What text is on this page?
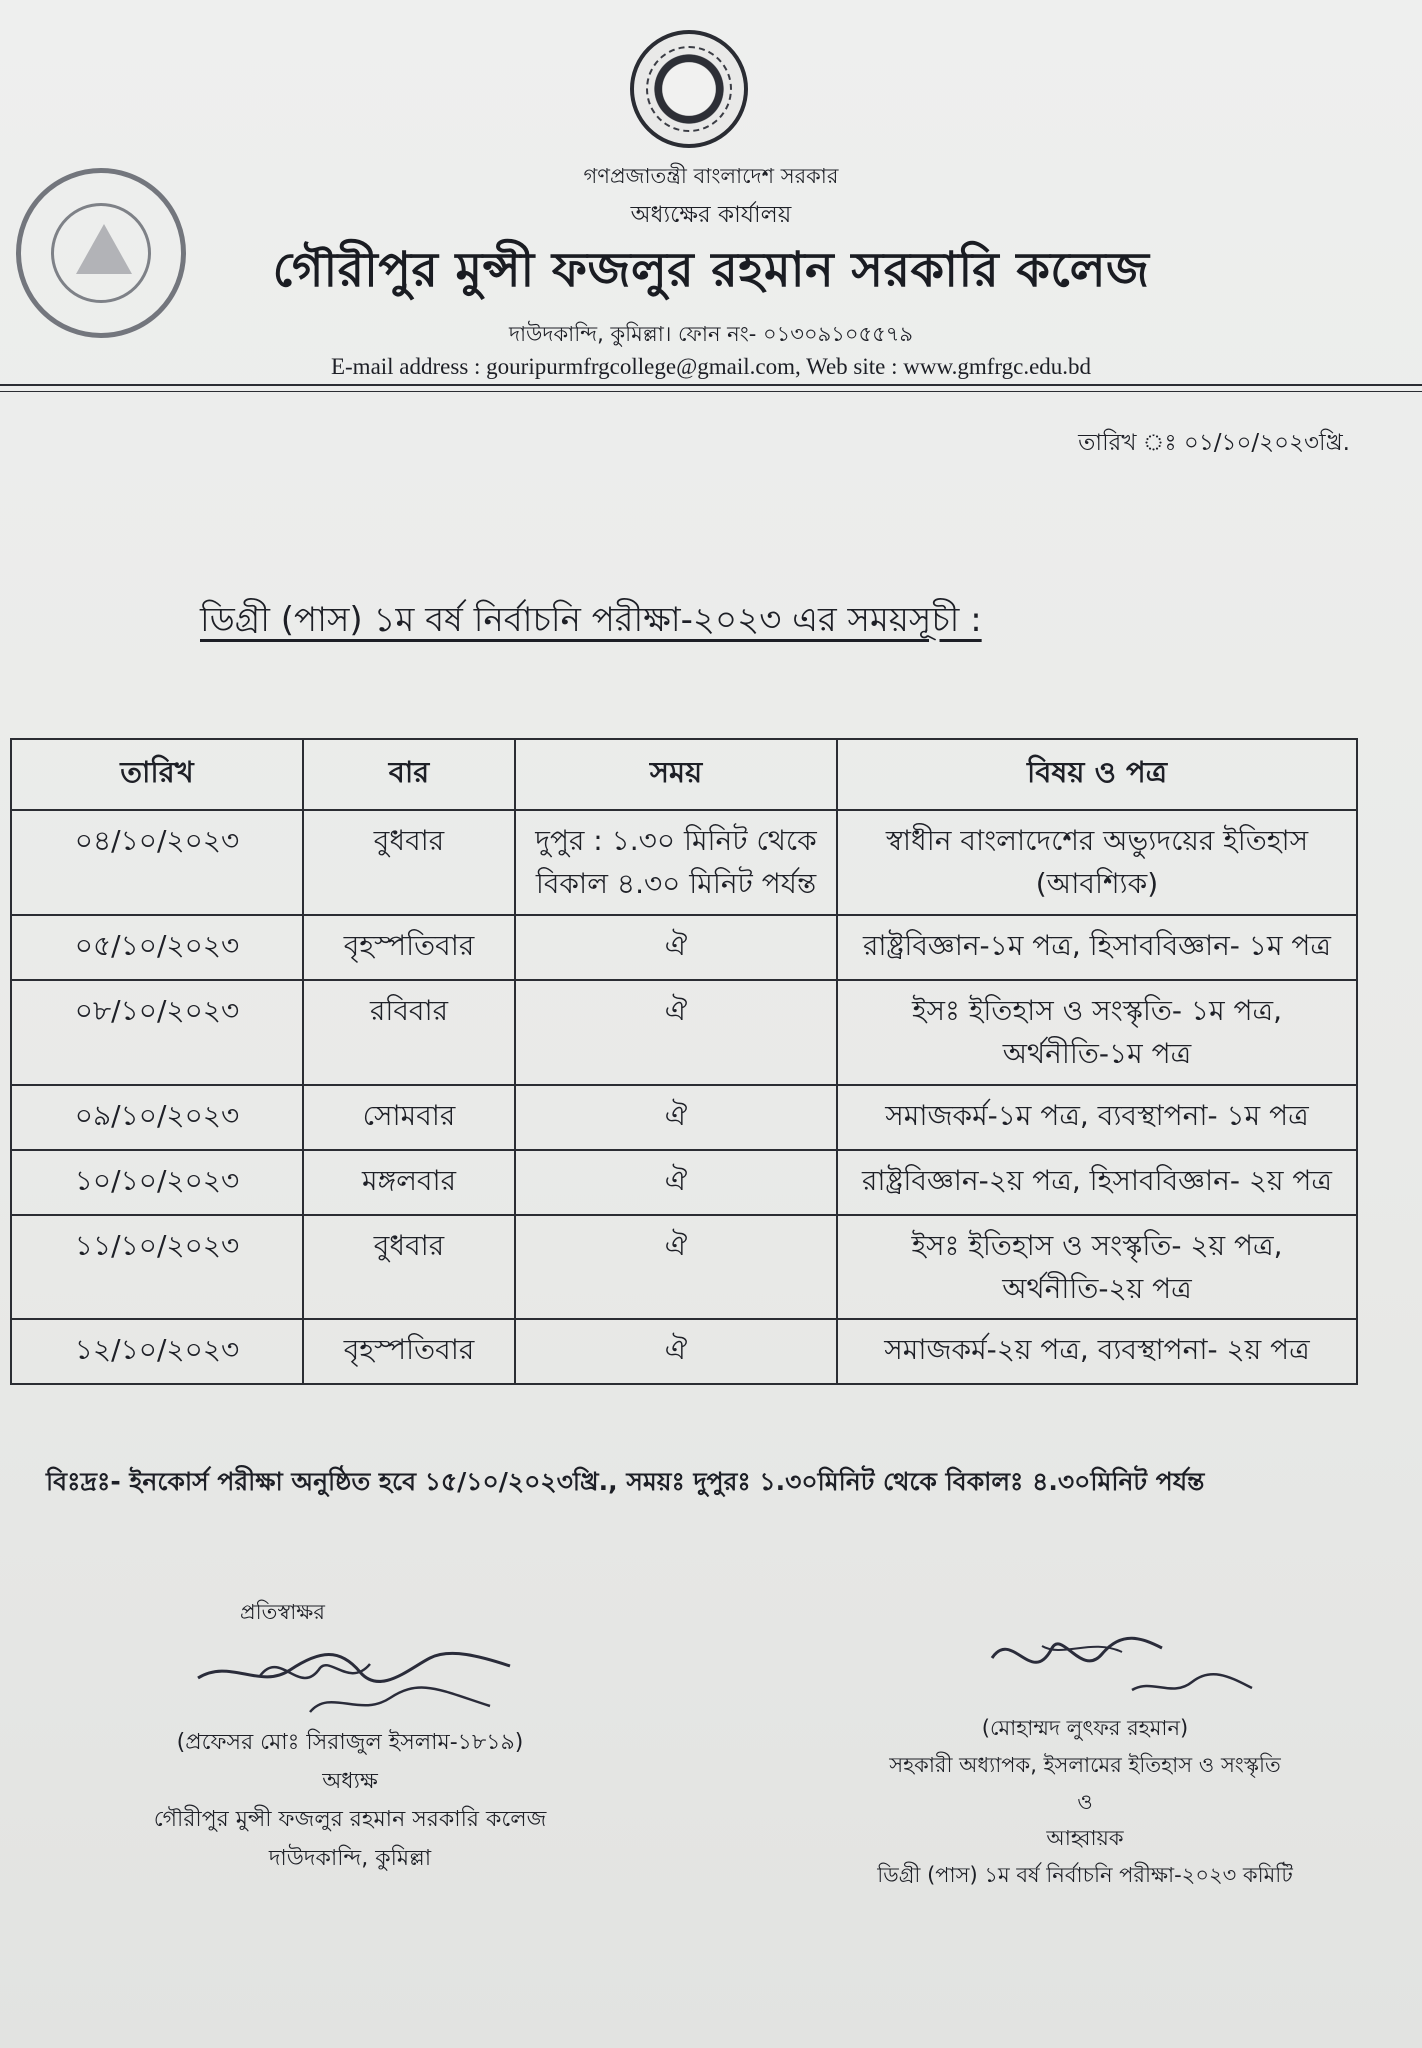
গণপ্রজাতন্ত্রী বাংলাদেশ সরকার
অধ্যক্ষের কার্যালয়
গৌরীপুর মুন্সী ফজলুর রহমান সরকারি কলেজ
দাউদকান্দি, কুমিল্লা। ফোন নং- ০১৩০৯১০৫৫৭৯
E-mail address : gouripurmfrgcollege@gmail.com, Web site : www.gmfrgc.edu.bd
তারিখ ঃ ০১/১০/২০২৩খ্রি.
ডিগ্রী (পাস) ১ম বর্ষ নির্বাচনি পরীক্ষা-২০২৩ এর সময়সূচী :
তারিখ	বার	সময়	বিষয় ও পত্র
০৪/১০/২০২৩	বুধবার	দুপুর : ১.৩০ মিনিট থেকে বিকাল ৪.৩০ মিনিট পর্যন্ত	স্বাধীন বাংলাদেশের অভ্যুদয়ের ইতিহাস (আবশ্যিক)
০৫/১০/২০২৩	বৃহস্পতিবার	ঐ	রাষ্ট্রবিজ্ঞান-১ম পত্র, হিসাববিজ্ঞান- ১ম পত্র
০৮/১০/২০২৩	রবিবার	ঐ	ইসঃ ইতিহাস ও সংস্কৃতি- ১ম পত্র, অর্থনীতি-১ম পত্র
০৯/১০/২০২৩	সোমবার	ঐ	সমাজকর্ম-১ম পত্র, ব্যবস্থাপনা- ১ম পত্র
১০/১০/২০২৩	মঙ্গলবার	ঐ	রাষ্ট্রবিজ্ঞান-২য় পত্র, হিসাববিজ্ঞান- ২য় পত্র
১১/১০/২০২৩	বুধবার	ঐ	ইসঃ ইতিহাস ও সংস্কৃতি- ২য় পত্র, অর্থনীতি-২য় পত্র
১২/১০/২০২৩	বৃহস্পতিবার	ঐ	সমাজকর্ম-২য় পত্র, ব্যবস্থাপনা- ২য় পত্র
বিঃদ্রঃ- ইনকোর্স পরীক্ষা অনুষ্ঠিত হবে ১৫/১০/২০২৩খ্রি., সময়ঃ দুপুরঃ ১.৩০মিনিট থেকে বিকালঃ ৪.৩০মিনিট পর্যন্ত
প্রতিস্বাক্ষর
(প্রফেসর মোঃ সিরাজুল ইসলাম-১৮১৯)
অধ্যক্ষ
গৌরীপুর মুন্সী ফজলুর রহমান সরকারি কলেজ
দাউদকান্দি, কুমিল্লা
(মোহাম্মদ লুৎফর রহমান)
সহকারী অধ্যাপক, ইসলামের ইতিহাস ও সংস্কৃতি
ও
আহ্বায়ক
ডিগ্রী (পাস) ১ম বর্ষ নির্বাচনি পরীক্ষা-২০২৩ কমিটি
